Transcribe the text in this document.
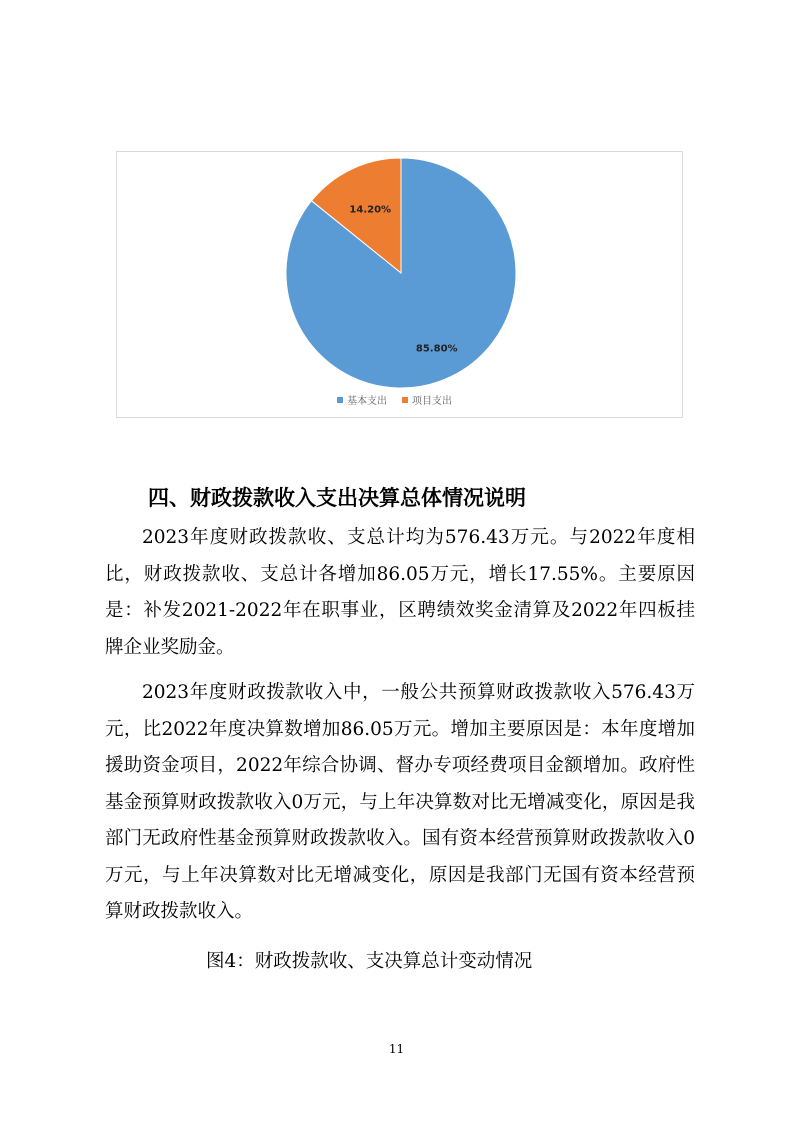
14.20%
85.80%
基本支出	项目支出
四、财政拨款收入支出决算总体情况说明

2023年度财政拨款收、支总计均为576.43万元。与2022年度相比，财政拨款收、支总计各增加86.05万元，增长17.55%。主要原因是：补发2021-2022年在职事业，区聘绩效奖金清算及2022年四板挂牌企业奖励金。

2023年度财政拨款收入中，一般公共预算财政拨款收入576.43万元，比2022年度决算数增加86.05万元。增加主要原因是：本年度增加援助资金项目，2022年综合协调、督办专项经费项目金额增加。政府性基金预算财政拨款收入0万元，与上年决算数对比无增减变化，原因是我部门无政府性基金预算财政拨款收入。国有资本经营预算财政拨款收入0万元，与上年决算数对比无增减变化，原因是我部门无国有资本经营预算财政拨款收入。

图4：财政拨款收、支决算总计变动情况

11
